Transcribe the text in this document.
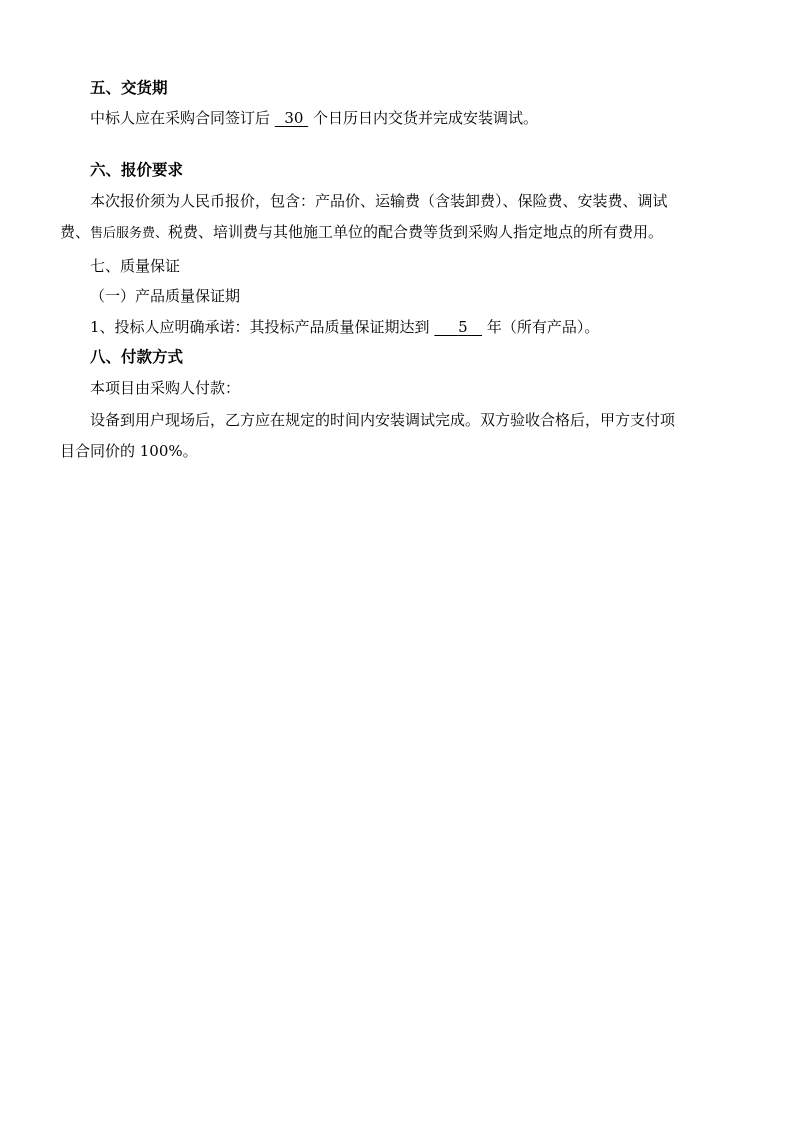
五、交货期
中标人应在采购合同签订后 30 个日历日内交货并完成安装调试。
六、报价要求
本次报价须为人民币报价，包含：产品价、运输费（含装卸费）、保险费、安装费、调试
费、售后服务费、税费、培训费与其他施工单位的配合费等货到采购人指定地点的所有费用。
七、质量保证
（一）产品质量保证期
1、投标人应明确承诺：其投标产品质量保证期达到 5 年（所有产品）。
八、付款方式
本项目由采购人付款：
设备到用户现场后，乙方应在规定的时间内安装调试完成。双方验收合格后，甲方支付项
目合同价的 100%。
